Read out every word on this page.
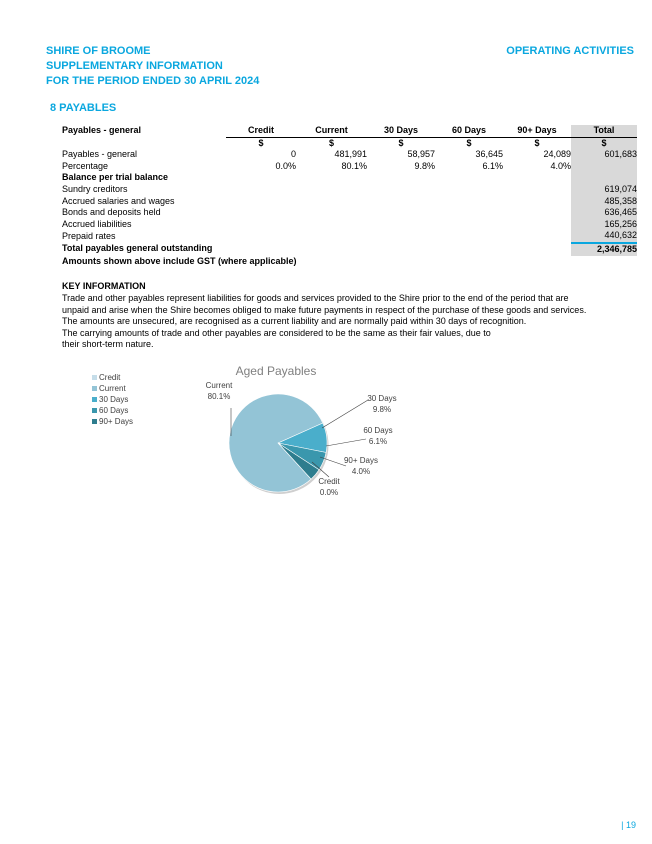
SHIRE OF BROOME
SUPPLEMENTARY INFORMATION
FOR THE PERIOD ENDED 30 APRIL 2024
OPERATING ACTIVITIES
8 PAYABLES
Payables - general	Credit	Current	30 Days	60 Days	90+ Days	Total
	$	$	$	$	$	$
Payables - general	0	481,991	58,957	36,645	24,089	601,683
Percentage	0.0%	80.1%	9.8%	6.1%	4.0%	
Balance per trial balance						
Sundry creditors						619,074
Accrued salaries and wages						485,358
Bonds and deposits held						636,465
Accrued liabilities						165,256
Prepaid rates						440,632
Total payables general outstanding						2,346,785
Amounts shown above include GST (where applicable)						
KEY INFORMATION
Trade and other payables represent liabilities for goods and services provided to the Shire prior to the end of the period that are
unpaid and arise when the Shire becomes obliged to make future payments in respect of the purchase of these goods and services.
The amounts are unsecured, are recognised as a current liability and are normally paid within 30 days of recognition.
The carrying amounts of trade and other payables are considered to be the same as their fair values, due to
their short-term nature.
Aged Payables
Credit
Current
30 Days
60 Days
90+ Days
Credit
0.0%
Current
80.1%	30 Days
9.8%
60 Days
6.1%
90+ Days
4.0%
| 19
